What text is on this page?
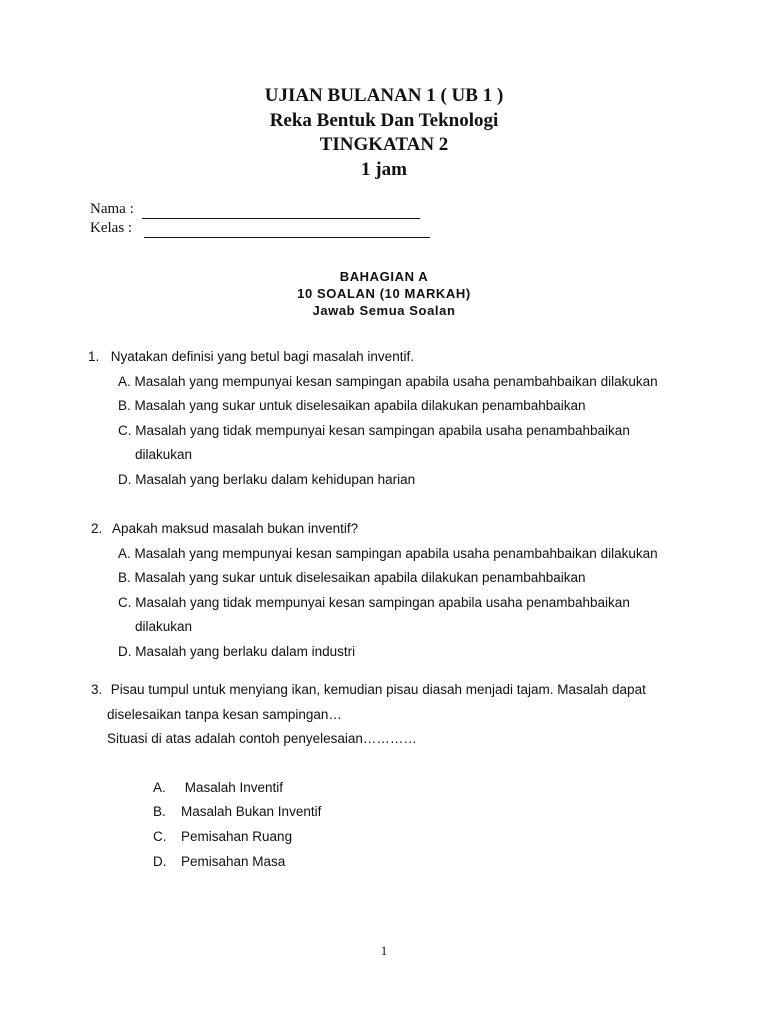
UJIAN BULANAN 1 ( UB 1 )
Reka Bentuk Dan Teknologi
TINGKATAN 2
1 jam
Nama :
Kelas :
BAHAGIAN A
10 SOALAN (10 MARKAH)
Jawab Semua Soalan
1. Nyatakan definisi yang betul bagi masalah inventif.
A. Masalah yang mempunyai kesan sampingan apabila usaha penambahbaikan dilakukan
B. Masalah yang sukar untuk diselesaikan apabila dilakukan penambahbaikan
C. Masalah yang tidak mempunyai kesan sampingan apabila usaha penambahbaikan
dilakukan
D. Masalah yang berlaku dalam kehidupan harian
2. Apakah maksud masalah bukan inventif?
A. Masalah yang mempunyai kesan sampingan apabila usaha penambahbaikan dilakukan
B. Masalah yang sukar untuk diselesaikan apabila dilakukan penambahbaikan
C. Masalah yang tidak mempunyai kesan sampingan apabila usaha penambahbaikan
dilakukan
D. Masalah yang berlaku dalam industri
3. Pisau tumpul untuk menyiang ikan, kemudian pisau diasah menjadi tajam. Masalah dapat
diselesaikan tanpa kesan sampingan…
Situasi di atas adalah contoh penyelesaian…………
A.	Masalah Inventif
B.	Masalah Bukan Inventif
C.	Pemisahan Ruang
D.	Pemisahan Masa
1
